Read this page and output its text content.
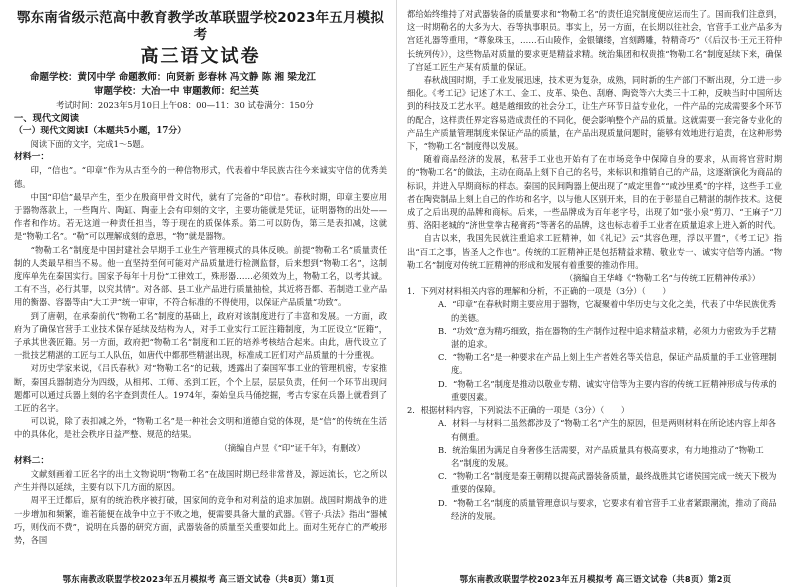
鄂东南省级示范高中教育教学改革联盟学校2023年五月模拟考
高三语文试卷
命题学校：黄冈中学 命题教师：向贤新 彭春林 冯文静 陈 湘 梁龙江
审题学校：大冶一中 审题教师：纪兰英
考试时间：2023年5月10日上午08：00—11：30 试卷满分：150分
一、现代文阅读
（一）现代文阅读Ⅰ（本题共5小题，17分）

阅读下面的文字，完成1～5题。

材料一：

印，“信也”。“印章”作为从古至今的一种信物形式，代表着中华民族古往今来诚实守信的优秀美德。

中国“印信”最早产生，至少在殷商甲骨文时代，就有了完备的“印信”。春秋时期，印章主要应用于器物落款上，一些陶片、陶缸、陶壶上会有印刻的文字，主要功能就是凭证，证明器物的出处——作者和作坊。若无这道一种责任担当，等于现在的质保体系。第二可以防伪，第三是表扣减，这就是“物勒工名”。“勒”可以理解成刻的意思，“物”就是器物。

“物勒工名”制度是中国封建社会早期手工业生产管理模式的具体反映。前提“物勒工名”质量责任制的人类最早相当不易。他一直坚持至何可能对产品质量进行检测监督，后来想到“物勒工名”，这制度库单先在秦国实行。国家予每年十月份“工律效工，殊形器……必须效为上，物勒工名，以考其诚。工有不当，必行其罪，以究其情”。对各部、县工业产品进行质量抽检，其近将吾都、若制造工业产品用的衡器、容器等由“大工尹”统一审审，不符合标准的不得使用，以保证产品质量“功致”。

到了唐朝，在承秦前代“物勒工名”制度的基础上，政府对该制度进行了丰富和发展。一方面，政府为了确保官营手工业技术保存延续及结构为人，对手工业实行工匠注籍制度，为工匠设立“匠籍”，子承其世袭匠籍。另一方面，政府把“物勒工名”制度和工匠的培养考核结合起来。由此，唐代设立了一批技艺精湛的工匠与工人队伍，如唐代中都那些精湛出现，标准成工匠们对产品质量的十分重视。

对历史学家来说，《吕氏春秋》对“物勒工名”的记载，透露出了秦国军事工业的管理机密，专家推断，秦国兵器制造分为四级，从相邦、工师、丞到工匠，个个上层，层层负责，任何一个环节出现问题都可以通过兵器上刻的名字查到责任人。1974年，秦始皇兵马俑挖掘，考古专家在兵器上就看到了工匠的名字。

可以说，除了表扣减之外，“物勒工名”是一种社会文明和道德自觉的体现，是“信”的传统在生活中的具体化，是社会秩序日益严整、规范的结果。

（摘编自卢昱《“印”证千年》，有删改）
材料二：

文献刻画着工匠名字的出土文物说明“物勒工名”在战国时期已经非常普及，源远流长，它之所以产生并得以延续，主要有以下几方面的原因。

周平王迁都后，原有的统治秩序被打破，国家间的竞争和对利益的追求加剧。战国时期战争的进一步增加和频繁，谁若能便在战争中立于不败之地，便需要具备大量的武器。《管子·兵法》指出“器械巧，则伐而不费”，说明在兵器的研究方面，武器装备的质量至关重要如此上。面对生死存亡的严峻形势，各国

鄂东南教改联盟学校2023年五月模拟考 高三语文试卷（共8页）第1页

都给始终维持了对武器装备的质量要求和“物勒工名”的责任追究制度便应运而生了。国而我们注意到，这一时期勒名的大多为大、吞等执事职员。事实上，另一方面，在长期以往社会，官营手工业产品多为宫廷礼器等重用，“尊象珠玉，……石山陵作，金银镶缕，宫刻蹲雕，特精奇巧”（《后汉书·王元王符仲长统列传》），这些物品对质量的要求更是精益求精。统治集团和权贵推“物勒工名”制度延续下来，确保了宫延工匠生产某有质量的保证。

春秋战国时期，手工业发展迅速，技术更为复杂，成熟，同时新的生产部门不断出现，分工进一步细化。《考工记》记述了木工、金工、皮革、染色、刮磨、陶瓷等六大类三十工种，反映当时中国所达到的科技及工艺水平。越是越细致的社会分工，让生产环节日益专业化，一件产品的完成需要多个环节的配合，这样责任界定容易造成责任的不同化，便会影响整个产品的质量。这就需要一套完备专业化的产品生产质量管理制度来保证产品的质量，在产品出现质量问题时，能够有效地进行追责，在这种形势下，“物勒工名”制度得以发展。

随着商品经济的发展，私营手工业也开始有了在市场竞争中保障自身的要求，从而将官营时期的“物勒工名”的做法，主动在商品上刻下自己的名号，来标识和推销自己的产品，这逐渐演化为商品的标识，并进入早期商标的样态。秦国的民间陶器上便出现了“咸定里鲁”“咸沙里奚”的字样，这些手工业者在陶瓷制品上刻上自己的作坊和名字，以与他人区别开来，目的在于彰显自己精湛的制作技术。这便成了之后出现的品牌和商标。后来，一些品牌成为百年老字号，出现了如“张小泉”剪刀、“王麻子”刀剪、洛阳老城的“济世堂拳古秘膏药”等著名的品牌，这也标志着手工业者在质量追求上进入新的时代。

自古以来，我国先民就注重追求工匠精神，如《礼记》云“其容色理，浮以平置”，《考工记》指出“百工之事，皆圣人之作也”。传统的工匠精神正是包括精益求精、敬业专一、诚实守信等内涵。“物勒工名”制度对传统工匠精神的形成和发展有着重要的推动作用。

（摘编自王华峰《“物勒工名”与传统工匠精神传承》）

1．下列对材料相关内容的理解和分析，不正确的一项是（3分）（　　）

A．“印章”在春秋时期主要应用于器物，它凝聚着中华历史与文化之美，代表了中华民族优秀的美德。

B．“功效”意为精巧细致，指在器物的生产制作过程中追求精益求精，必须力力密致为手艺精湛的追求。

C．“物勒工名”是一种要求在产品上刻上生产者姓名等关信息，保证产品质量的手工业管理制度。

D．“物勒工名”制度是推动以敬业专精、诚实守信等为主要内容的传统工匠精神形成与传承的重要因素。

2．根据材料内容，下列说法不正确的一项是（3分）（　　）

A．材料一与材料二虽然都涉及了“物勒工名”产生的原因，但是两则材料在所论述内容上却各有侧重。

B．统治集团为满足自身奢侈生活需要，对产品质量具有极高要求，有力地推动了“物勒工名”制度的发展。

C．“物勒工名”制度是秦王朝精以提高武器装备质量，最终战胜其它诸侯国完成一统天下极为重要的保障。

D．“物勒工名”制度的质量管理意识与要求，它要求有着官营手工业者紧跟潮流，推动了商品经济的发展。

鄂东南教改联盟学校2023年五月模拟考 高三语文试卷（共8页）第2页
